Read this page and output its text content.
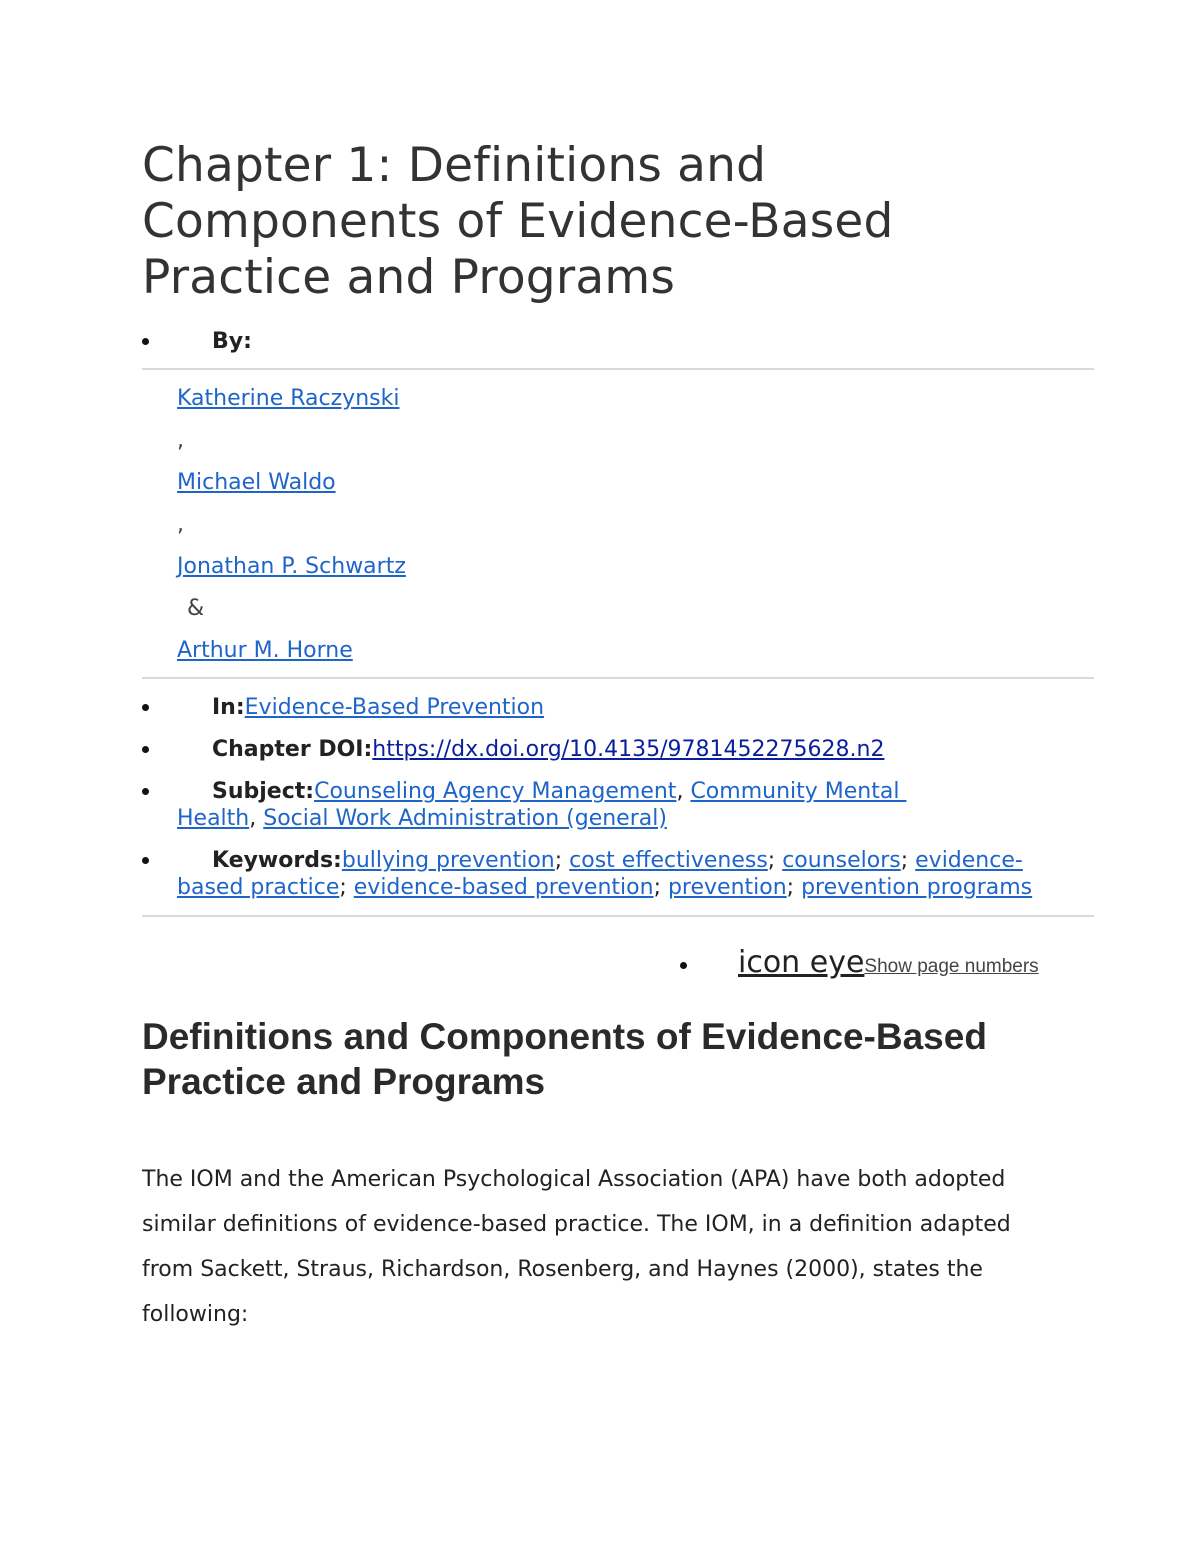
Chapter 1: Definitions and Components of Evidence-Based Practice and Programs
By:
Katherine Raczynski
,
Michael Waldo
,
Jonathan P. Schwartz
&
Arthur M. Horne
In:Evidence-Based Prevention
Chapter DOI:https://dx.doi.org/10.4135/9781452275628.n2
Subject:Counseling Agency Management, Community Mental
Health, Social Work Administration (general)
Keywords:bullying prevention; cost effectiveness; counselors; evidence-
based practice; evidence-based prevention; prevention; prevention programs
icon eyeShow page numbers
Definitions and Components of Evidence-Based Practice and Programs

The IOM and the American Psychological Association (APA) have both adopted similar definitions of evidence-based practice. The IOM, in a definition adapted from Sackett, Straus, Richardson, Rosenberg, and Haynes (2000), states the following:
